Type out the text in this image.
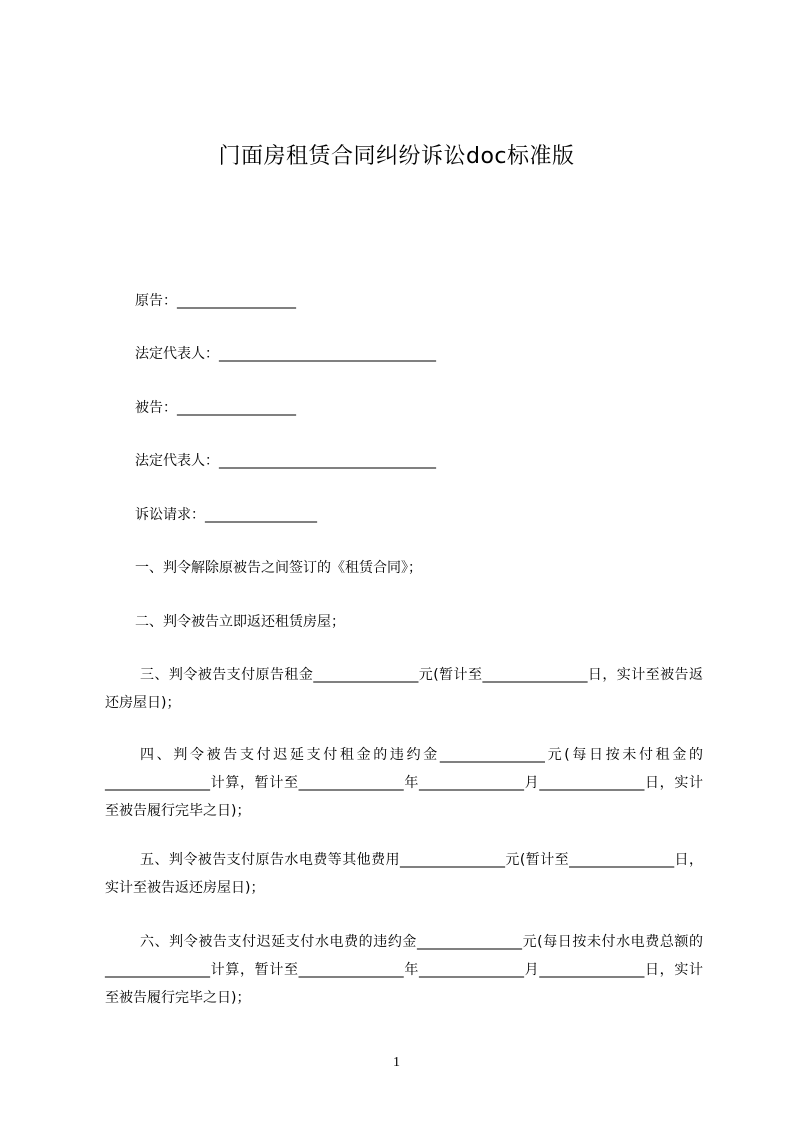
门面房租赁合同纠纷诉讼doc标准版
原告：_________________
法定代表人：_______________________________
被告：_________________
法定代表人：_______________________________
诉讼请求：________________
一、判令解除原被告之间签订的《租赁合同》；
二、判令被告立即返还租赁房屋；
三、判令被告支付原告租金_______________元(暂计至_______________日，实计至被告返还房屋日)；
四、判令被告支付迟延支付租金的违约金_______________元(每日按未付租金的_______________计算，暂计至_______________年_______________月_______________日，实计至被告履行完毕之日)；
五、判令被告支付原告水电费等其他费用_______________元(暂计至_______________日，实计至被告返还房屋日)；
六、判令被告支付迟延支付水电费的违约金_______________元(每日按未付水电费总额的_______________计算，暂计至_______________年_______________月_______________日，实计至被告履行完毕之日)；
1
